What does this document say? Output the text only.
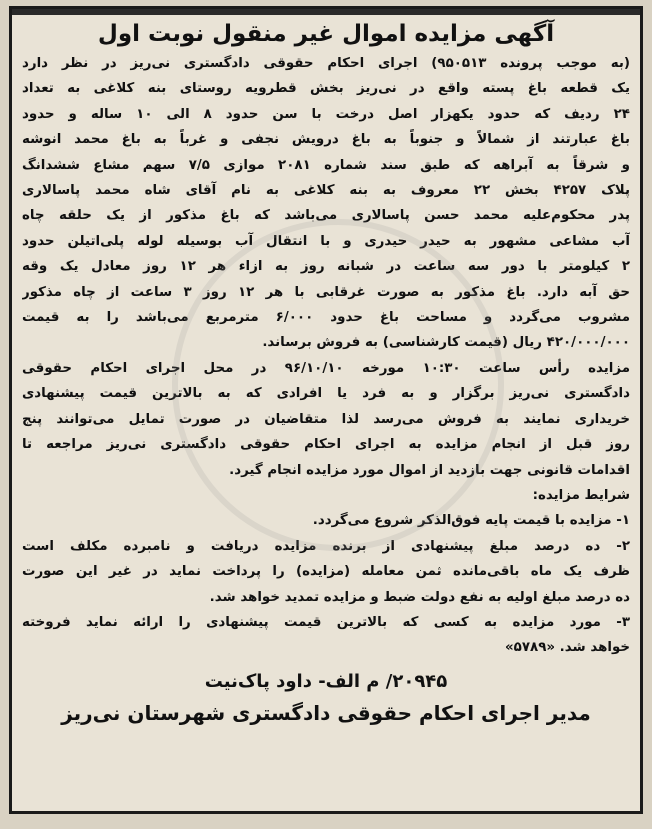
آگهی مزایده اموال غیر منقول نوبت اول
(به موجب پرونده ۹۵۰۵۱۳) اجرای احکام حقوقی دادگستری نی‌ریز در نظر دارد
یک قطعه باغ پسته واقع در نی‌ریز بخش قطرویه روستای بنه کلاغی به تعداد
۲۴ ردیف که حدود یکهزار اصل درخت با سن حدود ۸ الی ۱۰ ساله و حدود
باغ عبارتند از شمالاً و جنوباً به باغ درویش نجفی و غرباً به باغ محمد انوشه
و شرقاً به آبراهه که طبق سند شماره ۲۰۸۱ موازی ۷/۵ سهم مشاع ششدانگ
پلاک ۴۲۵۷ بخش ۲۲ معروف به بنه کلاغی به نام آقای شاه محمد پاسالاری
پدر محکوم‌علیه محمد حسن پاسالاری می‌باشد که باغ مذکور از یک حلقه چاه
آب مشاعی مشهور به حیدر حیدری و با انتقال آب بوسیله لوله پلی‌اتیلن حدود
۲ کیلومتر با دور سه ساعت در شبانه روز به ازاء هر ۱۲ روز معادل یک وقه
حق آبه دارد. باغ مذکور به صورت غرقابی با هر ۱۲ روز ۳ ساعت از چاه مذکور
مشروب می‌گردد و مساحت باغ حدود ۶/۰۰۰ مترمربع می‌باشد را به قیمت
۴۲۰/۰۰۰/۰۰۰ ریال (قیمت کارشناسی) به فروش برساند.
مزایده رأس ساعت ۱۰:۳۰ مورخه ۹۶/۱۰/۱۰ در محل اجرای احکام حقوقی
دادگستری نی‌ریز برگزار و به فرد یا افرادی که به بالاترین قیمت پیشنهادی
خریداری نمایند به فروش می‌رسد لذا متقاضیان در صورت تمایل می‌توانند پنج
روز قبل از انجام مزایده به اجرای احکام حقوقی دادگستری نی‌ریز مراجعه تا
اقدامات قانونی جهت بازدید از اموال مورد مزایده انجام گیرد.
شرایط مزایده:
۱- مزایده با قیمت پایه فوق‌الذکر شروع می‌گردد.
۲- ده درصد مبلغ پیشنهادی از برنده مزایده دریافت و نامبرده مکلف است
ظرف یک ماه باقی‌مانده ثمن معامله (مزایده) را پرداخت نماید در غیر این صورت
ده درصد مبلغ اولیه به نفع دولت ضبط و مزایده تمدید خواهد شد.
۳- مورد مزایده به کسی که بالاترین قیمت پیشنهادی را ارائه نماید فروخته
خواهد شد. «۵۷۸۹»
۲۰۹۴۵/ م الف- داود پاک‌نیت
مدیر اجرای احکام حقوقی دادگستری شهرستان نی‌ریز
